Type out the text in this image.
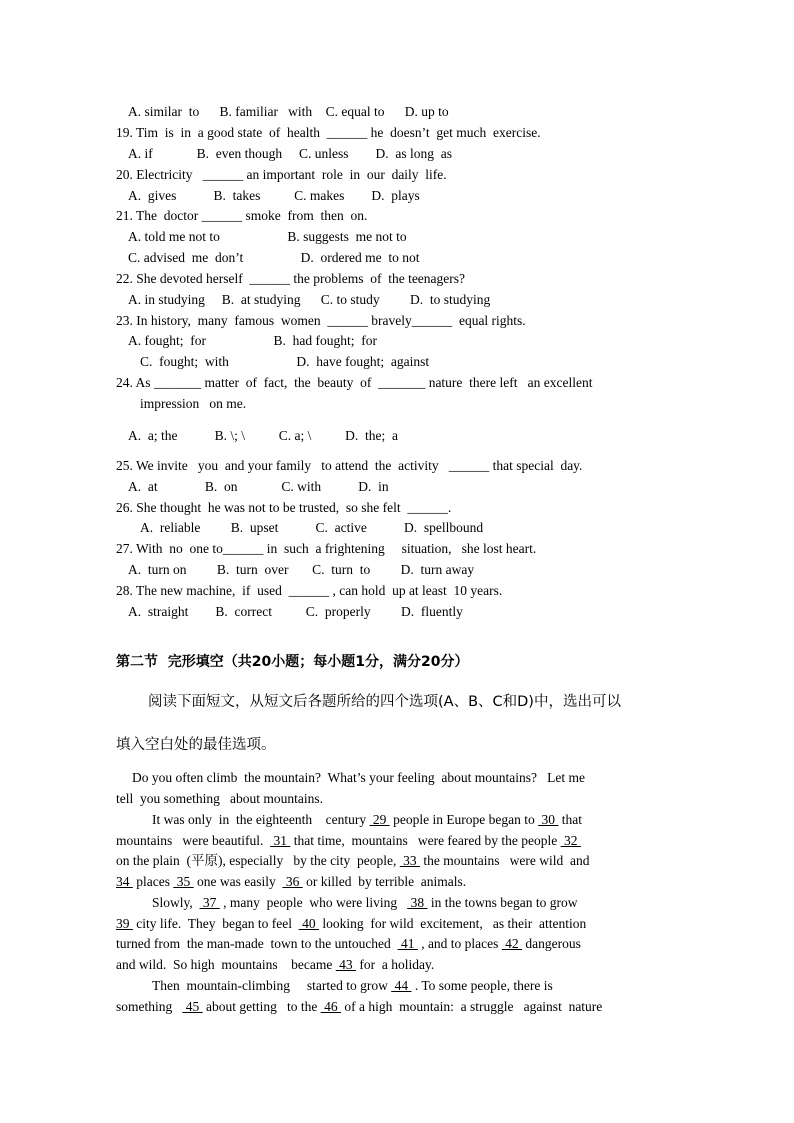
A. similar  to      B. familiar   with    C. equal to      D. up to
19. Tim  is  in  a good state  of  health  ______ he  doesn’t  get much  exercise.
A. if             B.  even though     C. unless        D.  as long  as
20. Electricity   ______ an important  role  in  our  daily  life.
A.  gives           B.  takes          C. makes        D.  plays
21. The  doctor ______ smoke  from  then  on.
A. told me not to                    B. suggests  me not to
C. advised  me  don’t                 D.  ordered me  to not
22. She devoted herself  ______ the problems  of  the teenagers?
A. in studying     B.  at studying      C. to study         D.  to studying
23. In history,  many  famous  women  ______ bravely______  equal rights.
A. fought;  for                    B.  had fought;  for
C.  fought;  with                    D.  have fought;  against
24. As _______ matter  of  fact,  the  beauty  of  _______ nature  there left   an excellent
impression   on me.
A.  a; the           B. \; \          C. a; \          D.  the;  a
25. We invite   you  and your family   to attend  the  activity   ______ that special  day.
A.  at              B.  on             C. with           D.  in
26. She thought  he was not to be trusted,  so she felt  ______.
A.  reliable         B.  upset           C.  active           D.  spellbound
27. With  no  one to______ in  such  a frightening     situation,   she lost heart.
A.  turn on         B.  turn  over       C.  turn  to         D.  turn away
28. The new machine,  if  used  ______ , can hold  up at least  10 years.
A.  straight        B.  correct          C.  properly         D.  fluently
第二节  完形填空（共20小题；每小题1分，满分20分）
阅读下面短文，从短文后各题所给的四个选项(A、B、C和D)中，选出可以
填入空白处的最佳选项。
Do you often climb  the mountain?  What’s your feeling  about mountains?   Let me
tell  you something   about mountains.
It was only  in  the eighteenth    century  29  people in Europe began to  30  that
mountains   were beautiful.   31  that time,  mountains   were feared by the people  32
on the plain  (平原), especially   by the city  people,  33  the mountains   were wild  and
34  places  35  one was easily   36  or killed  by terrible  animals.
Slowly,   37  , many  people  who were living    38  in the towns began to grow
39  city life.  They  began to feel   40  looking  for wild  excitement,   as their  attention
turned from  the man-made  town to the untouched   41  , and to places  42  dangerous
and wild.  So high  mountains    became  43  for  a holiday.
Then  mountain-climbing     started to grow  44  . To some people, there is
something    45  about getting   to the  46  of a high  mountain:  a struggle   against  nature
